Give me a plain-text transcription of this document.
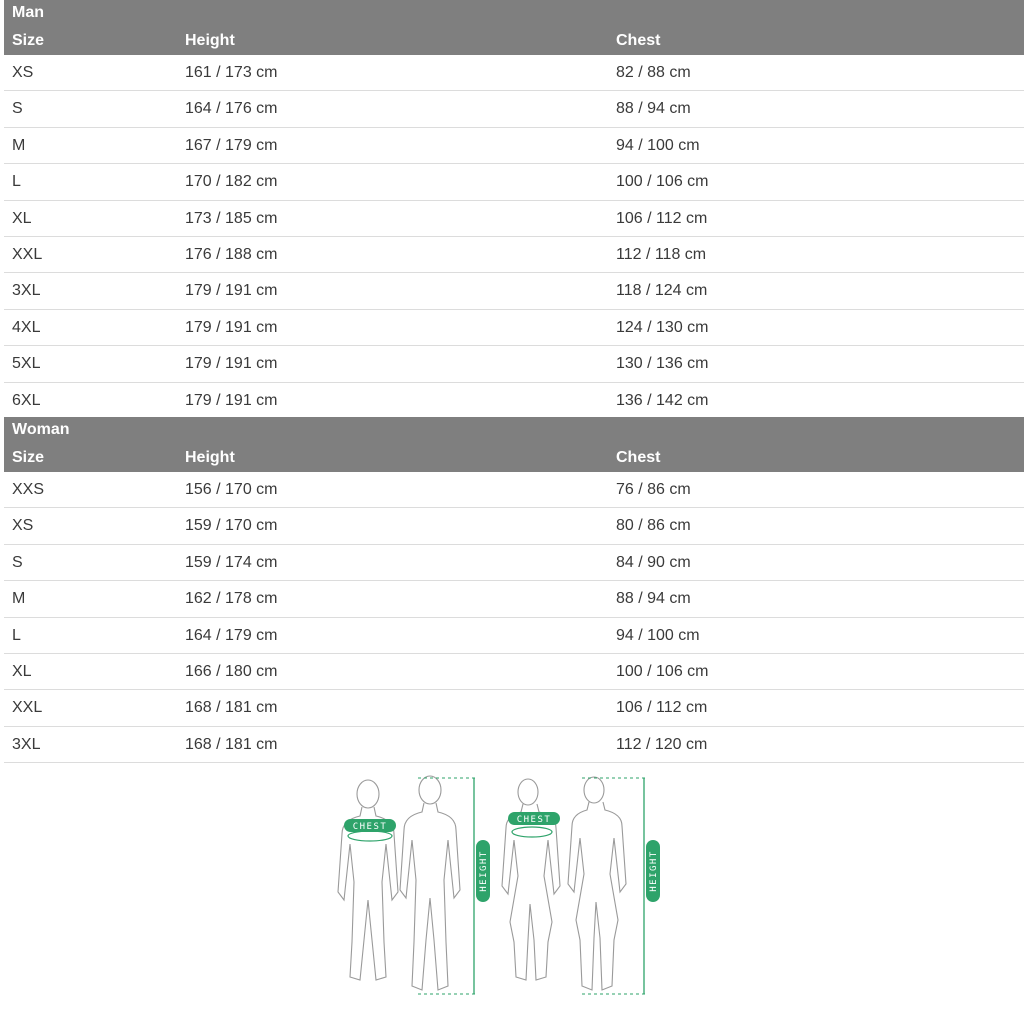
Man
Size	Height	Chest
XS	161 / 173 cm	82 / 88 cm
S	164 / 176 cm	88 / 94 cm
M	167 / 179 cm	94 / 100 cm
L	170 / 182 cm	100 / 106 cm
XL	173 / 185 cm	106 / 112 cm
XXL	176 / 188 cm	112 / 118 cm
3XL	179 / 191 cm	118 / 124 cm
4XL	179 / 191 cm	124 / 130 cm
5XL	179 / 191 cm	130 / 136 cm
6XL	179 / 191 cm	136 / 142 cm
Woman
Size	Height	Chest
XXS	156 / 170 cm	76 / 86 cm
XS	159 / 170 cm	80 / 86 cm
S	159 / 174 cm	84 / 90 cm
M	162 / 178 cm	88 / 94 cm
L	164 / 179 cm	94 / 100 cm
XL	166 / 180 cm	100 / 106 cm
XXL	168 / 181 cm	106 / 112 cm
3XL	168 / 181 cm	112 / 120 cm
CHEST
HEIGHT
CHEST
HEIGHT
